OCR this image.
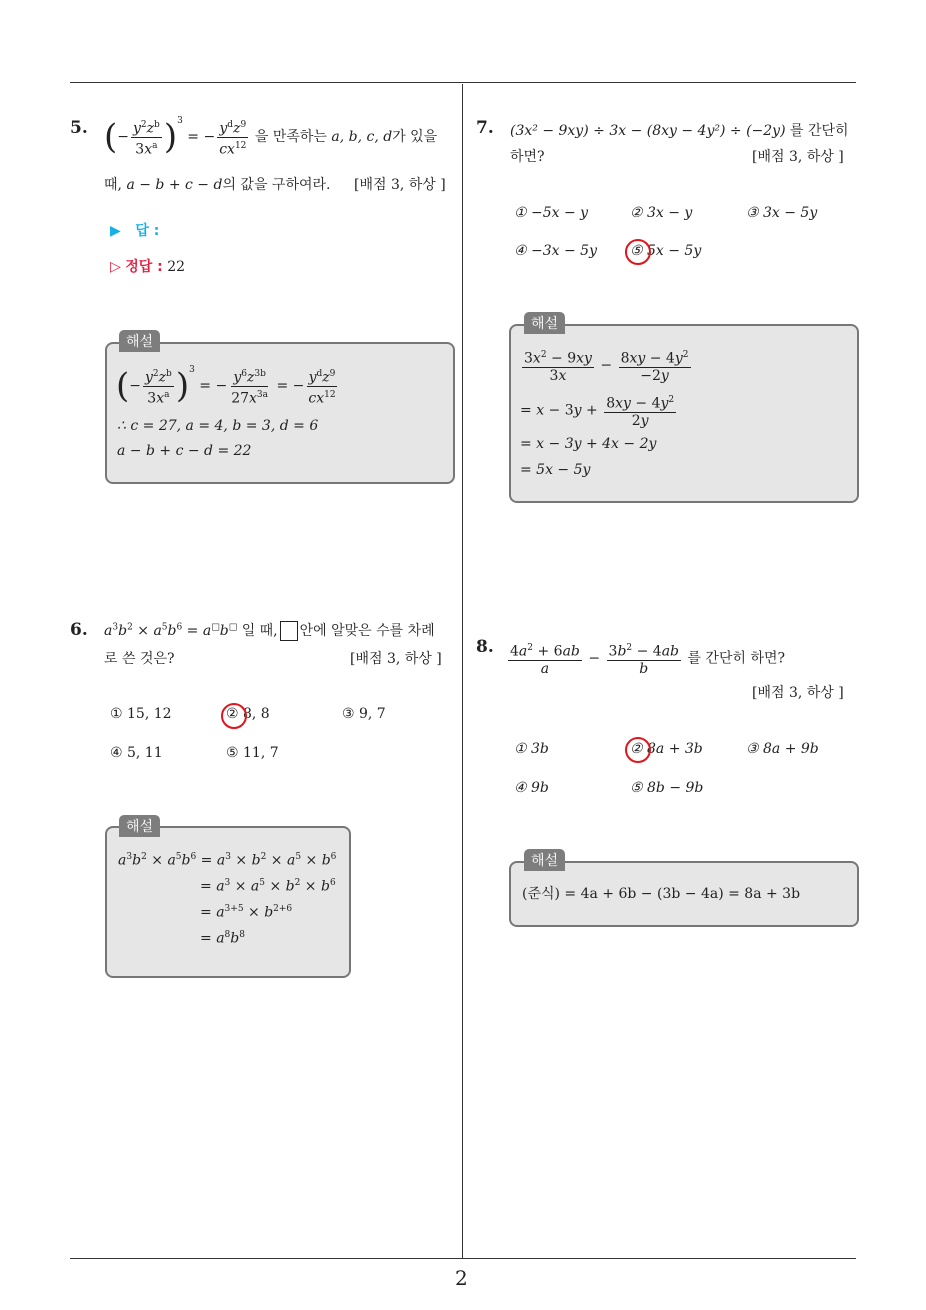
5. (− $\frac{y^2z^b}{3x^a} )^3$ = − $\frac{y^dz^9}{cx^{12}}$ 을 만족하는 a, b, c, d가 있을
때, a − b + c − d의 값을 구하여라. [배점 3, 하상 ]
▶ 답 :
▷ 정답 : 22
해설
(− $\frac{y^2z^b}{3x^a} )^3$ = − $\frac{y^6z^{3b}}{27x^{3a}}$ = − $\frac{y^dz^9}{cx^{12}}$
∴ c = 27, a = 4, b = 3, d = 6
a − b + c − d = 22
6. $a^3b^2 \times a^5b^6 = a^□b^□$ 일 때, 안에 알맞은 수를 차례
로 쓴 것은?	[배점 3, 하상 ]
① 15, 12	② 8, 8	③ 9, 7
④ 5, 11	⑤ 11, 7
해설
$a^3b^2 \times a^5b^6 = a^3 \times b^2 \times a^5 \times b^6$
= $a^3 \times a^5 \times b^2 \times b^6$
= $a^{3+5} \times b^{2+6}$
= $a^8b^8$
7. (3x² − 9xy) ÷ 3x − (8xy − 4y²) ÷ (−2y) 를 간단히
하면?	[배점 3, 하상 ]
① −5x − y	② 3x − y	③ 3x − 5y
④ −3x − 5y ⑤ 5x − 5y
해설
$\frac{3x^2 - 9xy}{3x} - \frac{8xy - 4y^2}{-2y}$
= $x - 3y + \frac{8xy - 4y^2}{2y}$
= x − 3y + 4x − 2y
= 5x − 5y
8. $\frac{4a^2 + 6ab}{a} - \frac{3b^2 - 4ab}{b}$ 를 간단히 하면?
[배점 3, 하상 ]
① 3b	② 8a + 3b	③ 8a + 9b
④ 9b	⑤ 8b − 9b
해설
(준식) = 4a + 6b − (3b − 4a) = 8a + 3b
2
